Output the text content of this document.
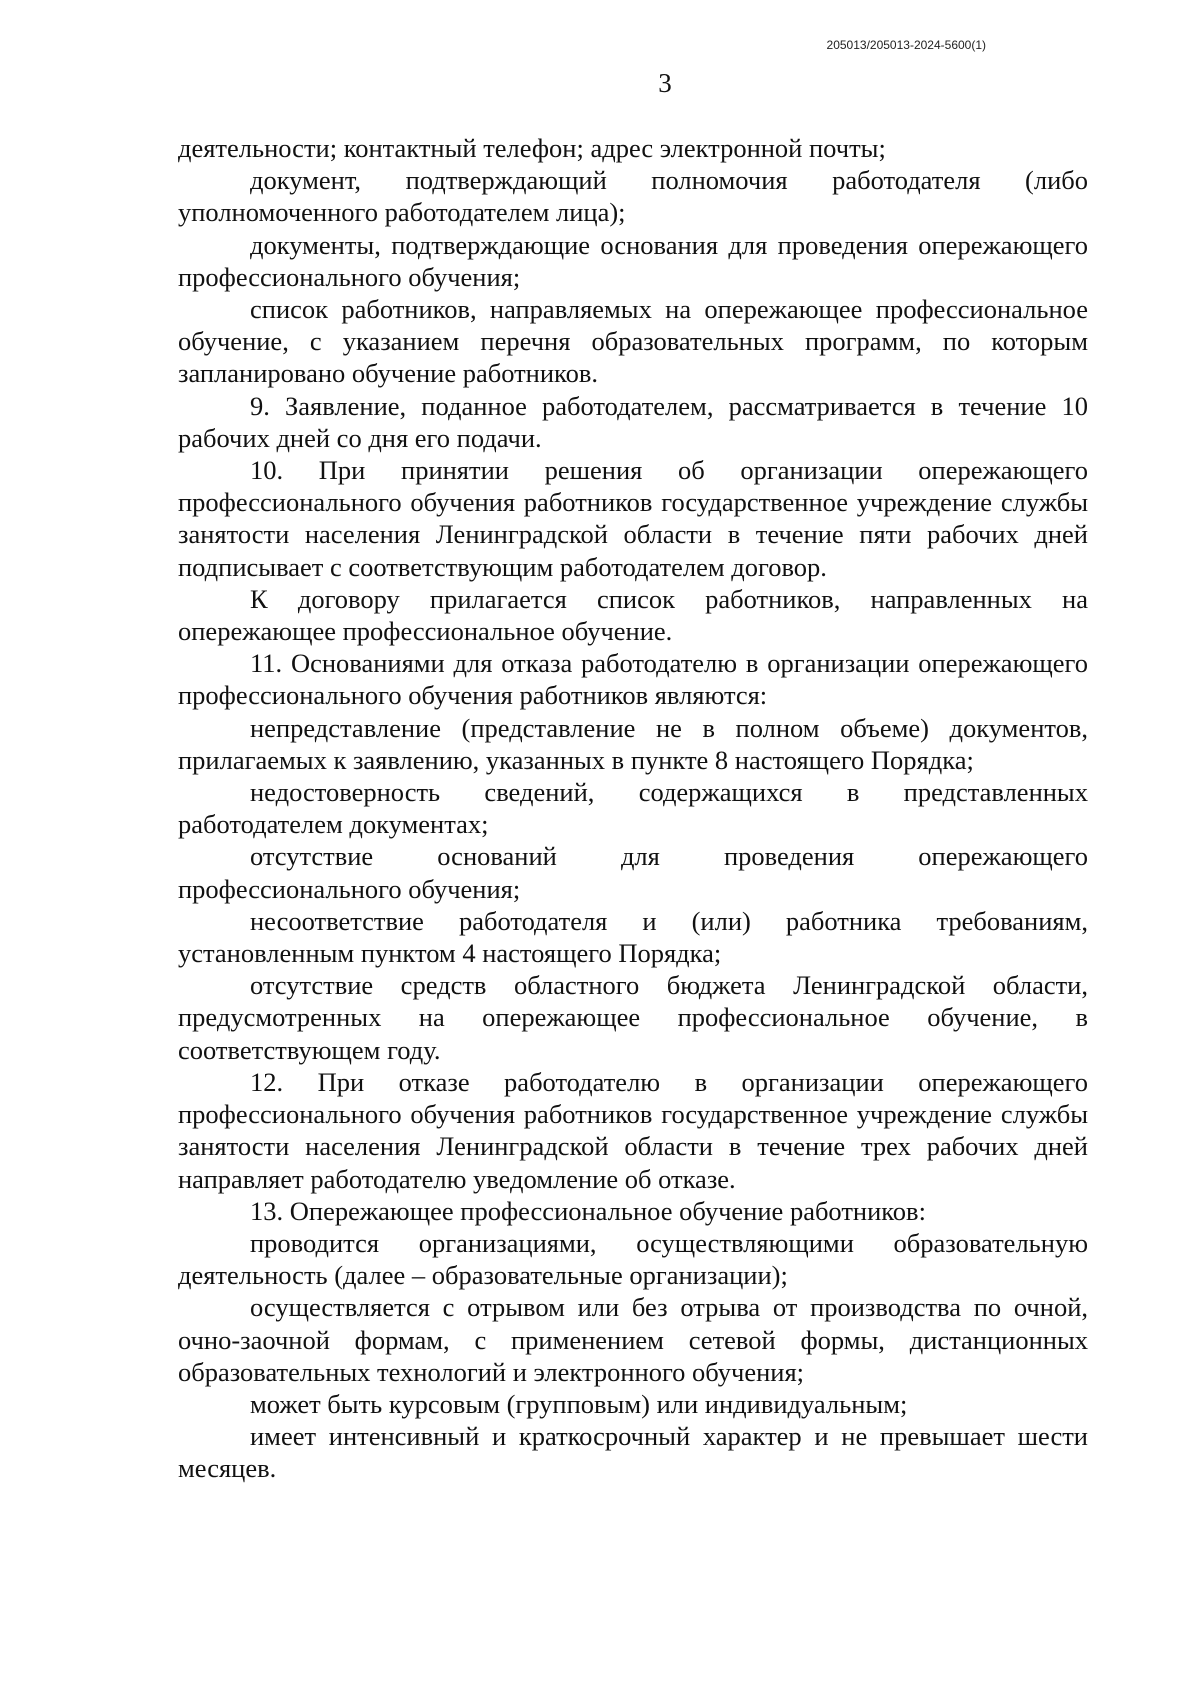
205013/205013-2024-5600(1)
3

деятельности; контактный телефон; адрес электронной почты;

документ, подтверждающий полномочия работодателя (либо уполномоченного работодателем лица);

документы, подтверждающие основания для проведения опережающего профессионального обучения;

список работников, направляемых на опережающее профессиональное обучение, с указанием перечня образовательных программ, по которым запланировано обучение работников.

9. Заявление, поданное работодателем, рассматривается в течение 10 рабочих дней со дня его подачи.

10. При принятии решения об организации опережающего профессионального обучения работников государственное учреждение службы занятости населения Ленинградской области в течение пяти рабочих дней подписывает с соответствующим работодателем договор.

К договору прилагается список работников, направленных на опережающее профессиональное обучение.

11. Основаниями для отказа работодателю в организации опережающего профессионального обучения работников являются:

непредставление (представление не в полном объеме) документов, прилагаемых к заявлению, указанных в пункте 8 настоящего Порядка;

недостоверность сведений, содержащихся в представленных работодателем документах;

отсутствие оснований для проведения опережающего профессионального обучения;

несоответствие работодателя и (или) работника требованиям, установленным пунктом 4 настоящего Порядка;

отсутствие средств областного бюджета Ленинградской области, предусмотренных на опережающее профессиональное обучение, в соответствующем году.

12. При отказе работодателю в организации опережающего профессионального обучения работников государственное учреждение службы занятости населения Ленинградской области в течение трех рабочих дней направляет работодателю уведомление об отказе.

13. Опережающее профессиональное обучение работников:

проводится организациями, осуществляющими образовательную деятельность (далее – образовательные организации);

осуществляется с отрывом или без отрыва от производства по очной, очно-заочной формам, с применением сетевой формы, дистанционных образовательных технологий и электронного обучения;

может быть курсовым (групповым) или индивидуальным;

имеет интенсивный и краткосрочный характер и не превышает шести месяцев.
